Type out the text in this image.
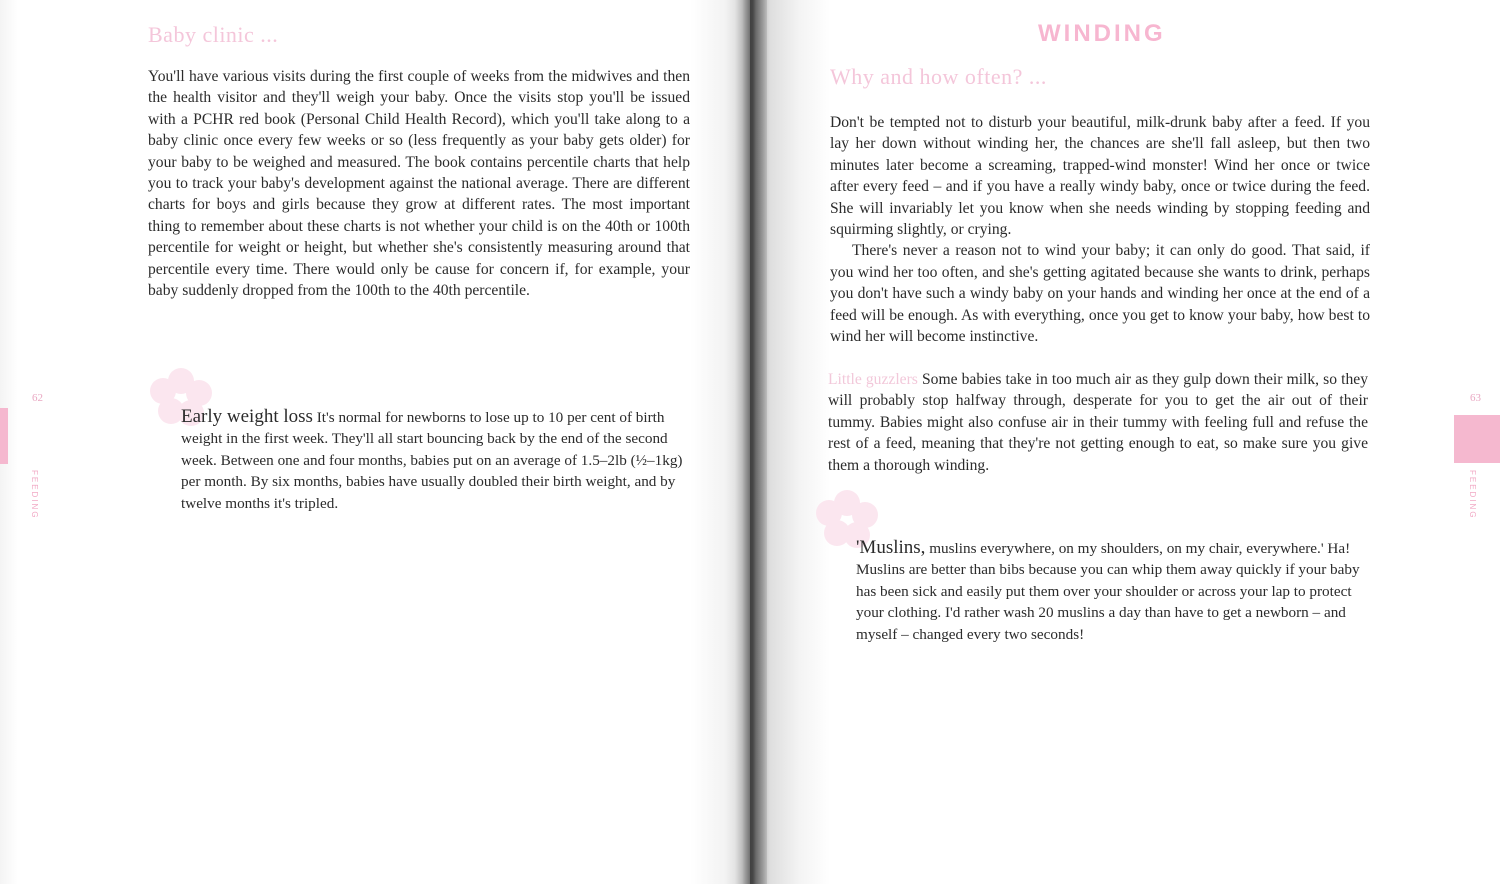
Baby clinic ...

You'll have various visits during the first couple of weeks from the midwives and then the health visitor and they'll weigh your baby. Once the visits stop you'll be issued with a PCHR red book (Personal Child Health Record), which you'll take along to a baby clinic once every few weeks or so (less frequently as your baby gets older) for your baby to be weighed and measured. The book contains percentile charts that help you to track your baby's development against the national average. There are different charts for boys and girls because they grow at different rates. The most important thing to remember about these charts is not whether your child is on the 40th or 100th percentile for weight or height, but whether she's consistently measuring around that percentile every time. There would only be cause for concern if, for example, your baby suddenly dropped from the 100th to the 40th percentile.

Early weight loss It's normal for newborns to lose up to 10 per cent of birth weight in the first week. They'll all start bouncing back by the end of the second week. Between one and four months, babies put on an average of 1.5–2lb (½–1kg) per month. By six months, babies have usually doubled their birth weight, and by twelve months it's tripled.
62
FEEDING
WINDING
Why and how often? ...

Don't be tempted not to disturb your beautiful, milk-drunk baby after a feed. If you lay her down without winding her, the chances are she'll fall asleep, but then two minutes later become a screaming, trapped-wind monster! Wind her once or twice after every feed – and if you have a really windy baby, once or twice during the feed. She will invariably let you know when she needs winding by stopping feeding and squirming slightly, or crying.

There's never a reason not to wind your baby; it can only do good. That said, if you wind her too often, and she's getting agitated because she wants to drink, perhaps you don't have such a windy baby on your hands and winding her once at the end of a feed will be enough. As with everything, once you get to know your baby, how best to wind her will become instinctive.

Little guzzlers Some babies take in too much air as they gulp down their milk, so they will probably stop halfway through, desperate for you to get the air out of their tummy. Babies might also confuse air in their tummy with feeling full and refuse the rest of a feed, meaning that they're not getting enough to eat, so make sure you give them a thorough winding.

'Muslins, muslins everywhere, on my shoulders, on my chair, everywhere.' Ha! Muslins are better than bibs because you can whip them away quickly if your baby has been sick and easily put them over your shoulder or across your lap to protect your clothing. I'd rather wash 20 muslins a day than have to get a newborn – and myself – changed every two seconds!
63
FEEDING
